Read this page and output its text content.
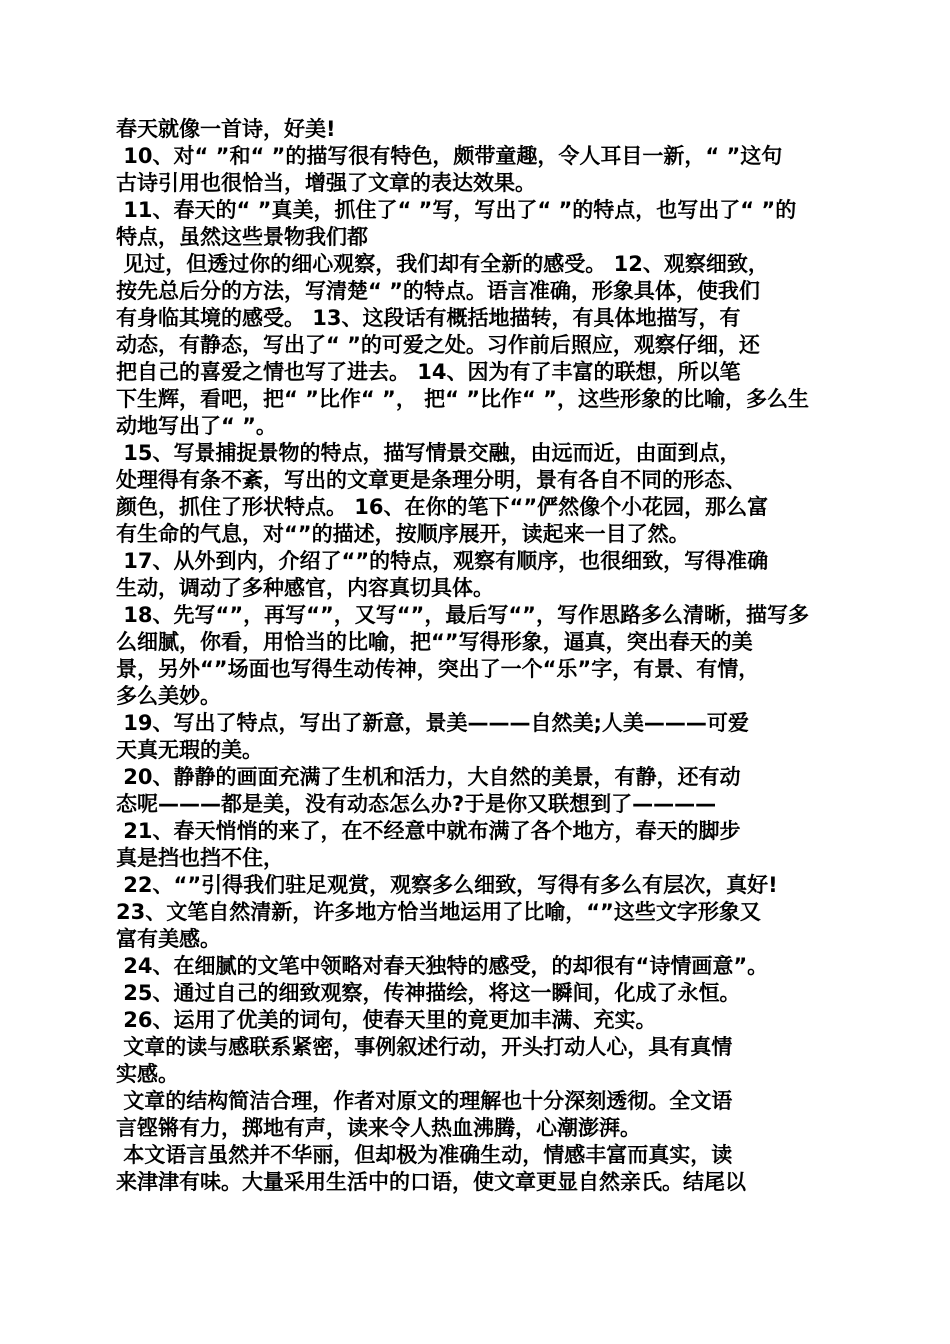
春天就像一首诗，好美!
10、对“ ”和“ ”的描写很有特色，颇带童趣，令人耳目一新，“ ”这句
古诗引用也很恰当，增强了文章的表达效果。
11、春天的“ ”真美，抓住了“ ”写，写出了“ ”的特点，也写出了“ ”的
特点，虽然这些景物我们都
见过，但透过你的细心观察，我们却有全新的感受。 12、观察细致，
按先总后分的方法，写清楚“ ”的特点。语言准确，形象具体，使我们
有身临其境的感受。 13、这段话有概括地描转，有具体地描写，有
动态，有静态，写出了“ ”的可爱之处。习作前后照应，观察仔细，还
把自己的喜爱之情也写了进去。 14、因为有了丰富的联想，所以笔
下生辉，看吧，把“ ”比作“ ”， 把“ ”比作“ ”，这些形象的比喻，多么生
动地写出了“ ”。
15、写景捕捉景物的特点，描写情景交融，由远而近，由面到点，
处理得有条不紊，写出的文章更是条理分明，景有各自不同的形态、
颜色，抓住了形状特点。 16、在你的笔下“”俨然像个小花园，那么富
有生命的气息，对“”的描述，按顺序展开，读起来一目了然。
17、从外到内，介绍了“”的特点，观察有顺序，也很细致，写得准确
生动，调动了多种感官，内容真切具体。
18、先写“”，再写“”，又写“”，最后写“”，写作思路多么清晰，描写多
么细腻，你看，用恰当的比喻，把“”写得形象，逼真，突出春天的美
景，另外“”场面也写得生动传神，突出了一个“乐”字，有景、有情，
多么美妙。
19、写出了特点，写出了新意，景美———自然美;人美———可爱
天真无瑕的美。
20、静静的画面充满了生机和活力，大自然的美景，有静，还有动
态呢———都是美，没有动态怎么办?于是你又联想到了————
21、春天悄悄的来了，在不经意中就布满了各个地方，春天的脚步
真是挡也挡不住，
22、“”引得我们驻足观赏，观察多么细致，写得有多么有层次，真好!
23、文笔自然清新，许多地方恰当地运用了比喻，“”这些文字形象又
富有美感。
24、在细腻的文笔中领略对春天独特的感受，的却很有“诗情画意”。
25、通过自己的细致观察，传神描绘，将这一瞬间，化成了永恒。
26、运用了优美的词句，使春天里的竟更加丰满、充实。
文章的读与感联系紧密，事例叙述行动，开头打动人心，具有真情
实感。
文章的结构简洁合理，作者对原文的理解也十分深刻透彻。全文语
言铿锵有力，掷地有声，读来令人热血沸腾，心潮澎湃。
本文语言虽然并不华丽，但却极为准确生动，情感丰富而真实，读
来津津有味。大量采用生活中的口语，使文章更显自然亲氏。结尾以
